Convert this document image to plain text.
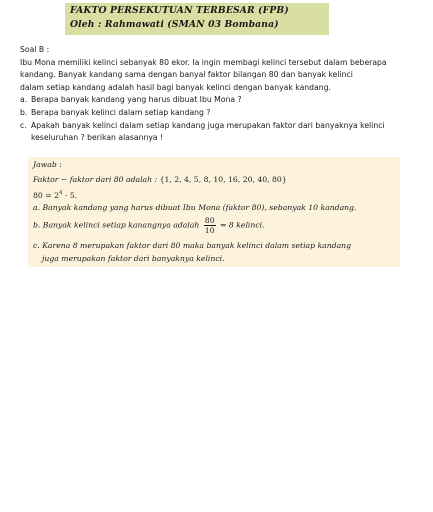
FAKTO PERSEKUTUAN TERBESAR (FPB)
Oleh : Rahmawati (SMAN 03 Bombana)

Soal B :

Ibu Mona memiliki kelinci sebanyak 80 ekor. Ia ingin membagi kelinci tersebut dalam beberapa

kandang. Banyak kandang sama dengan banyal faktor bilangan 80 dan banyak kelinci

dalam setiap kandang adalah hasil bagi banyak kelinci dengan banyak kandang.

a. Berapa banyak kandang yang harus dibuat Ibu Mona ?
b. Berapa banyak kelinci dalam setiap kandang ?
c. Apakah banyak kelinci dalam setiap kandang juga merupakan faktor dari banyaknya kelinci
keseluruhan ? berikan alasannya !
Jawab :
Faktor − faktor dari 80 adalah : {1, 2, 4, 5, 8, 10, 16, 20, 40, 80}
$80 = 2^4 \cdot 5$.
a. Banyak kandang yang harus dibuat Ibu Mona (faktor 80), sebanyak 10 kandang.
b. Banyak kelinci setiap kanangnya adalah $\frac{80}{10} = 8$ kelinci.
c. Karena 8 merupakan faktor dari 80 maka banyak kelinci dalam setiap kandang
juga merupakan faktor dari banyaknya kelinci.
